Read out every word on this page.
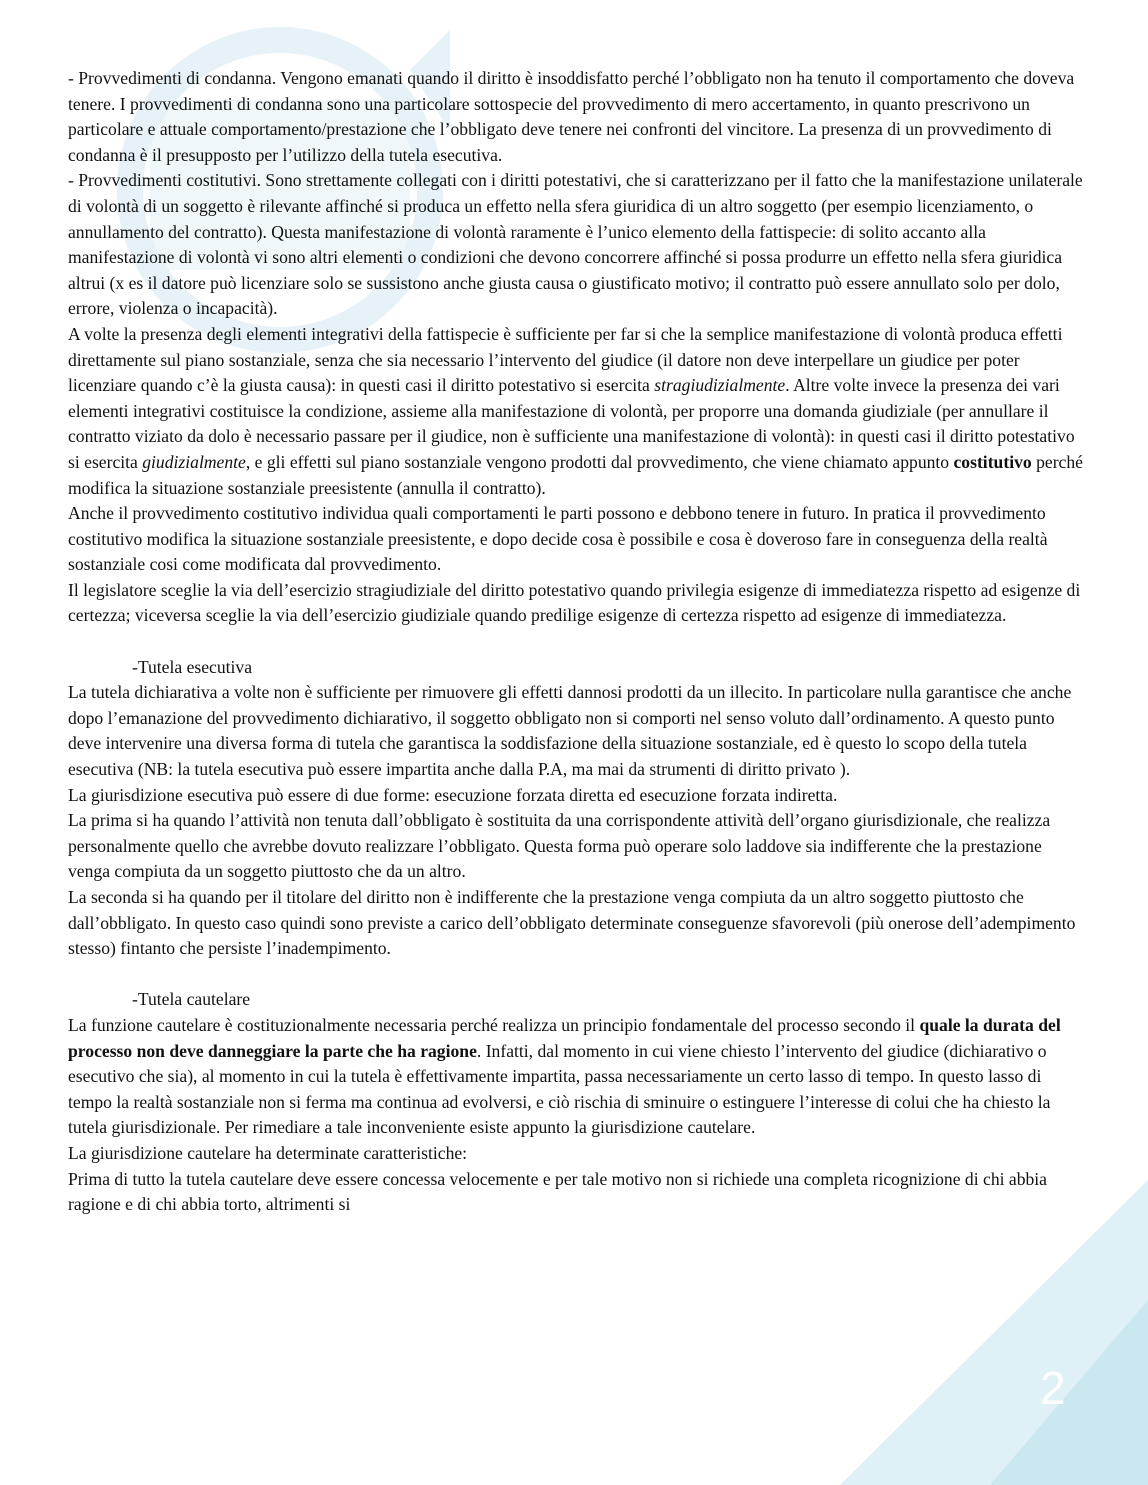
- Provvedimenti di condanna. Vengono emanati quando il diritto è insoddisfatto perché l’obbligato non ha tenuto il comportamento che doveva tenere. I provvedimenti di condanna sono una particolare sottospecie del provvedimento di mero accertamento, in quanto prescrivono un particolare e attuale comportamento/prestazione che l’obbligato deve tenere nei confronti del vincitore. La presenza di un provvedimento di condanna è il presupposto per l’utilizzo della tutela esecutiva.

- Provvedimenti costitutivi. Sono strettamente collegati con i diritti potestativi, che si caratterizzano per il fatto che la manifestazione unilaterale di volontà di un soggetto è rilevante affinché si produca un effetto nella sfera giuridica di un altro soggetto (per esempio licenziamento, o annullamento del contratto). Questa manifestazione di volontà raramente è l’unico elemento della fattispecie: di solito accanto alla manifestazione di volontà vi sono altri elementi o condizioni che devono concorrere affinché si possa produrre un effetto nella sfera giuridica altrui (x es il datore può licenziare solo se sussistono anche giusta causa o giustificato motivo; il contratto può essere annullato solo per dolo, errore, violenza o incapacità).

A volte la presenza degli elementi integrativi della fattispecie è sufficiente per far si che la semplice manifestazione di volontà produca effetti direttamente sul piano sostanziale, senza che sia necessario l’intervento del giudice (il datore non deve interpellare un giudice per poter licenziare quando c’è la giusta causa): in questi casi il diritto potestativo si esercita stragiudizialmente. Altre volte invece la presenza dei vari elementi integrativi costituisce la condizione, assieme alla manifestazione di volontà, per proporre una domanda giudiziale (per annullare il contratto viziato da dolo è necessario passare per il giudice, non è sufficiente una manifestazione di volontà): in questi casi il diritto potestativo si esercita giudizialmente, e gli effetti sul piano sostanziale vengono prodotti dal provvedimento, che viene chiamato appunto costitutivo perché modifica la situazione sostanziale preesistente (annulla il contratto).

Anche il provvedimento costitutivo individua quali comportamenti le parti possono e debbono tenere in futuro. In pratica il provvedimento costitutivo modifica la situazione sostanziale preesistente, e dopo decide cosa è possibile e cosa è doveroso fare in conseguenza della realtà sostanziale cosi come modificata dal provvedimento.

Il legislatore sceglie la via dell’esercizio stragiudiziale del diritto potestativo quando privilegia esigenze di immediatezza rispetto ad esigenze di certezza; viceversa sceglie la via dell’esercizio giudiziale quando predilige esigenze di certezza rispetto ad esigenze di immediatezza.

-Tutela esecutiva

La tutela dichiarativa a volte non è sufficiente per rimuovere gli effetti dannosi prodotti da un illecito. In particolare nulla garantisce che anche dopo l’emanazione del provvedimento dichiarativo, il soggetto obbligato non si comporti nel senso voluto dall’ordinamento. A questo punto deve intervenire una diversa forma di tutela che garantisca la soddisfazione della situazione sostanziale, ed è questo lo scopo della tutela esecutiva (NB: la tutela esecutiva può essere impartita anche dalla P.A, ma mai da strumenti di diritto privato ).

La giurisdizione esecutiva può essere di due forme: esecuzione forzata diretta ed esecuzione forzata indiretta.

La prima si ha quando l’attività non tenuta dall’obbligato è sostituita da una corrispondente attività dell’organo giurisdizionale, che realizza personalmente quello che avrebbe dovuto realizzare l’obbligato. Questa forma può operare solo laddove sia indifferente che la prestazione venga compiuta da un soggetto piuttosto che da un altro.

La seconda si ha quando per il titolare del diritto non è indifferente che la prestazione venga compiuta da un altro soggetto piuttosto che dall’obbligato. In questo caso quindi sono previste a carico dell’obbligato determinate conseguenze sfavorevoli (più onerose dell’adempimento stesso) fintanto che persiste l’inadempimento.

-Tutela cautelare

La funzione cautelare è costituzionalmente necessaria perché realizza un principio fondamentale del processo secondo il quale la durata del processo non deve danneggiare la parte che ha ragione. Infatti, dal momento in cui viene chiesto l’intervento del giudice (dichiarativo o esecutivo che sia), al momento in cui la tutela è effettivamente impartita, passa necessariamente un certo lasso di tempo. In questo lasso di tempo la realtà sostanziale non si ferma ma continua ad evolversi, e ciò rischia di sminuire o estinguere l’interesse di colui che ha chiesto la tutela giurisdizionale. Per rimediare a tale inconveniente esiste appunto la giurisdizione cautelare.

La giurisdizione cautelare ha determinate caratteristiche:

Prima di tutto la tutela cautelare deve essere concessa velocemente e per tale motivo non si richiede una completa ricognizione di chi abbia ragione e di chi abbia torto, altrimenti si

2
